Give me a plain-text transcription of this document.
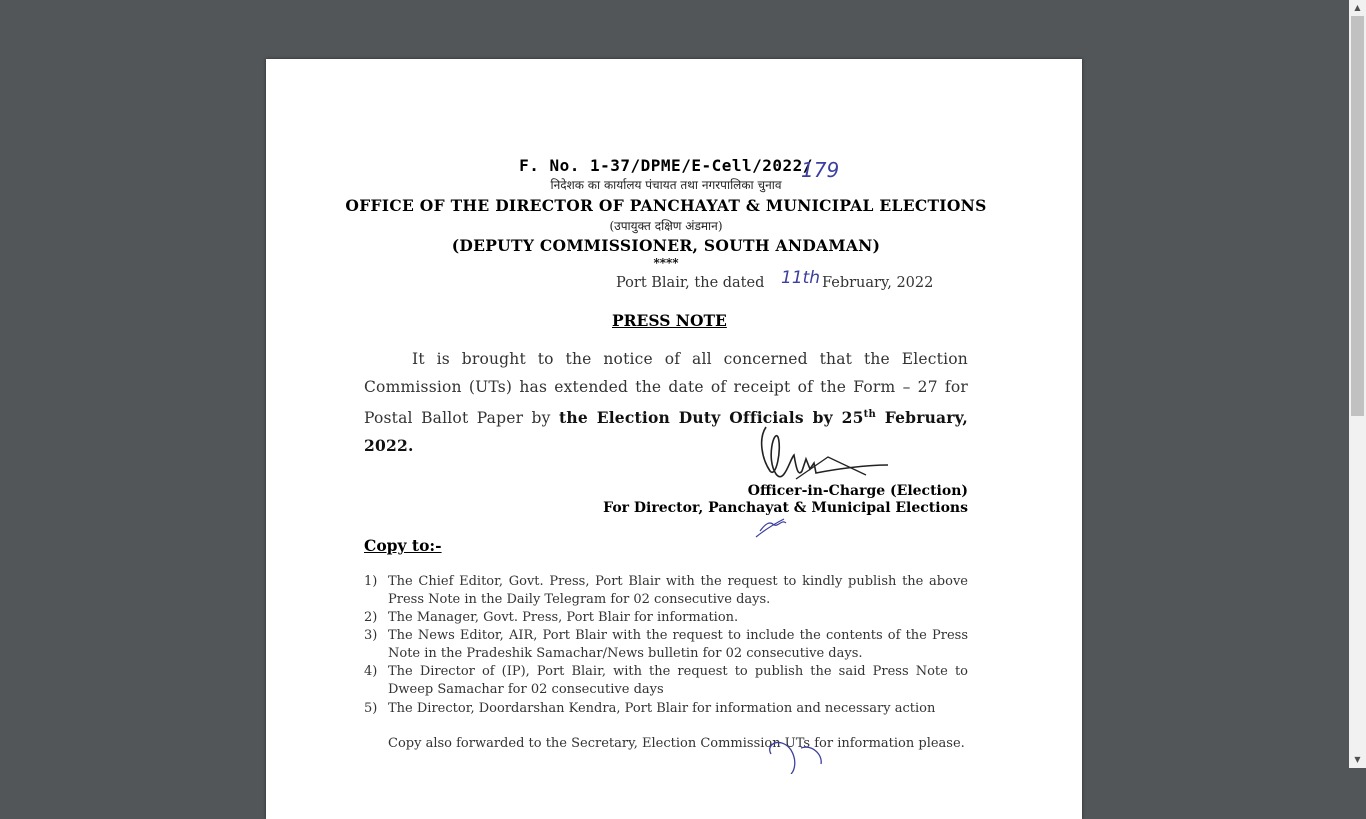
F. No. 1-37/DPME/E-Cell/2022/
179
निदेशक का कार्यालय पंचायत तथा नगरपालिका चुनाव
OFFICE OF THE DIRECTOR OF PANCHAYAT & MUNICIPAL ELECTIONS
(उपायुक्त दक्षिण अंडमान)
(DEPUTY COMMISSIONER, SOUTH ANDAMAN)
****
Port Blair, the dated 11th February, 2022
PRESS NOTE
It is brought to the notice of all concerned that the Election Commission (UTs) has extended the date of receipt of the Form – 27 for Postal Ballot Paper by the Election Duty Officials by 25th February, 2022.
Officer-in-Charge (Election)
For Director, Panchayat & Municipal Elections
Copy to:-
1) The Chief Editor, Govt. Press, Port Blair with the request to kindly publish the above Press Note in the Daily Telegram for 02 consecutive days.
2) The Manager, Govt. Press, Port Blair for information.
3) The News Editor, AIR, Port Blair with the request to include the contents of the Press Note in the Pradeshik Samachar/News bulletin for 02 consecutive days.
4) The Director of (IP), Port Blair, with the request to publish the said Press Note to Dweep Samachar for 02 consecutive days
5) The Director, Doordarshan Kendra, Port Blair for information and necessary action
Copy also forwarded to the Secretary, Election Commission UTs for information please.
▲
▼
